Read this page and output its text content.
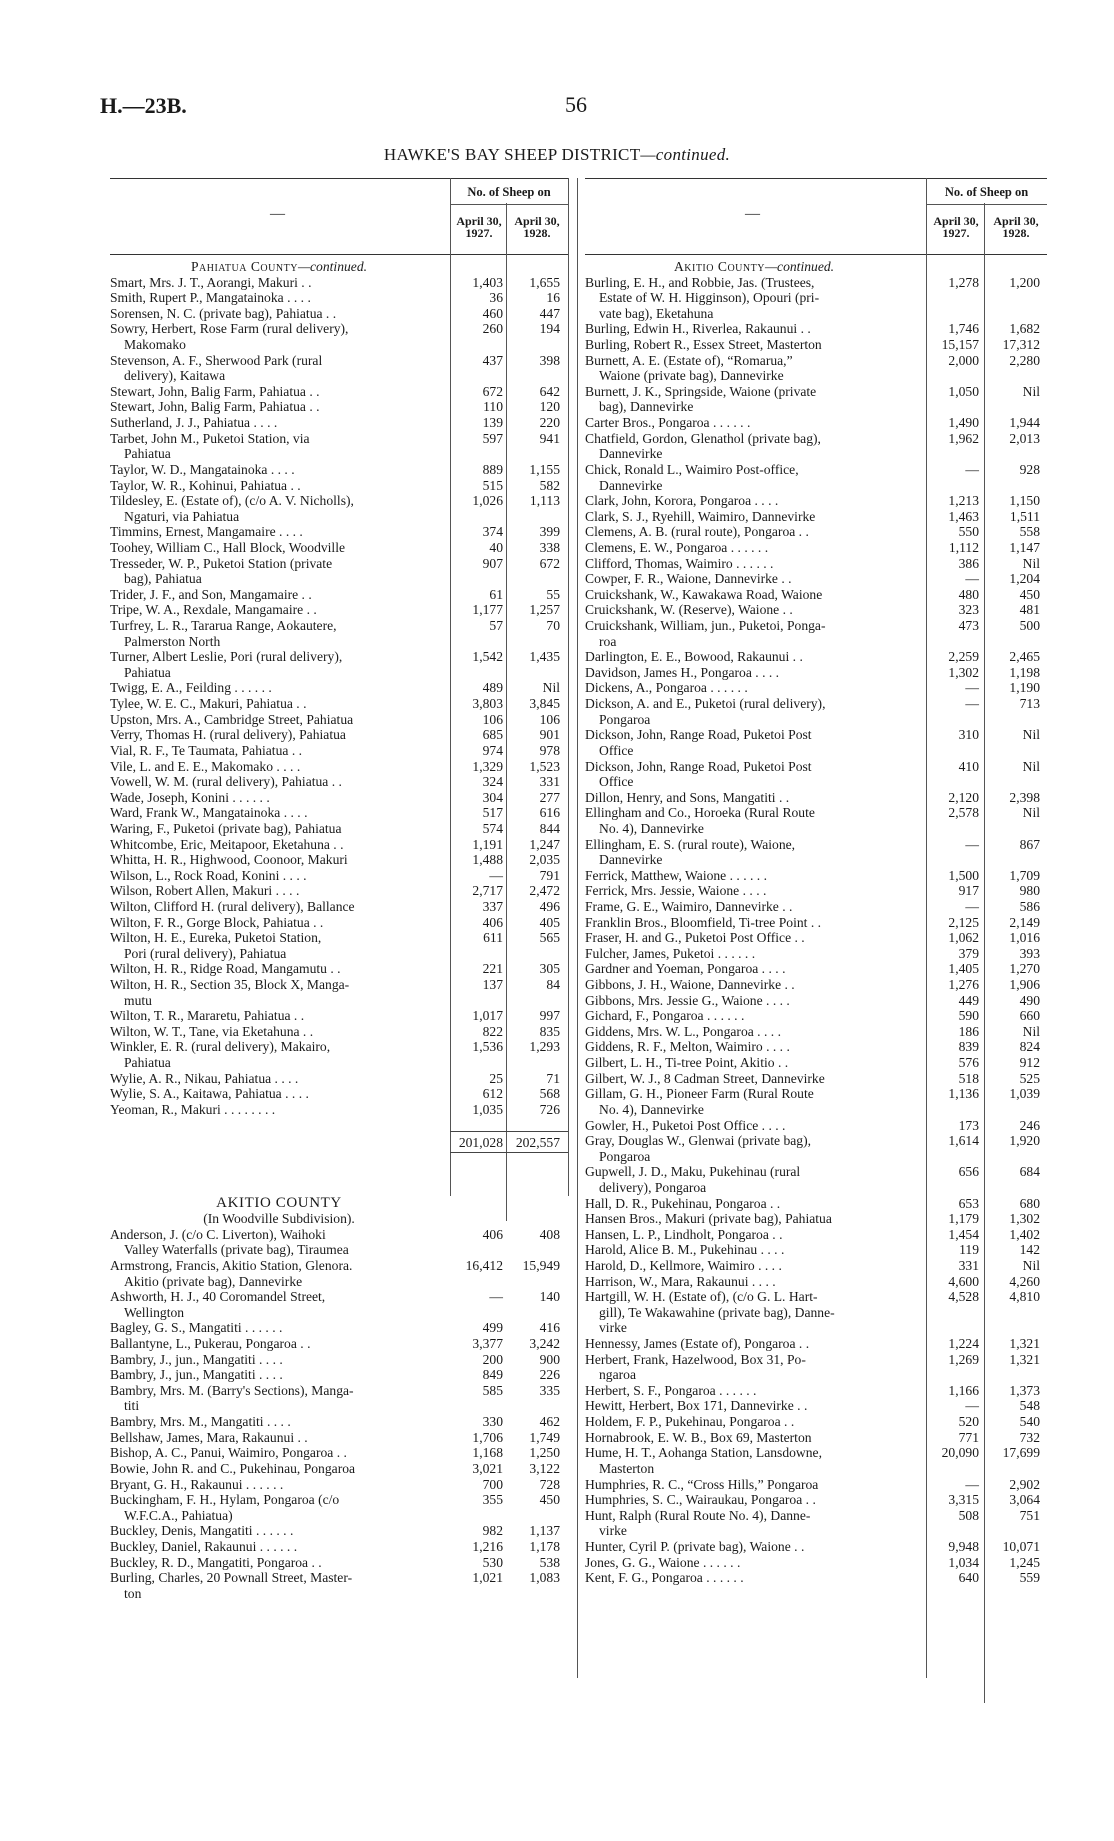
H.—23B.	56
HAWKE'S BAY SHEEP DISTRICT—continued.
—
No. of Sheep on
April 30, 1927.
April 30, 1928.
Pahiatua County—continued.
Smart, Mrs. J. T., Aorangi, Makuri . .	1,403	1,655
Smith, Rupert P., Mangatainoka . . . .	36	16
Sorensen, N. C. (private bag), Pahiatua . .	460	447
Sowry, Herbert, Rose Farm (rural delivery),	260	194
Makomako
Stevenson, A. F., Sherwood Park (rural	437	398
delivery), Kaitawa
Stewart, John, Balig Farm, Pahiatua . .	672	642
Stewart, John, Balig Farm, Pahiatua . .	110	120
Sutherland, J. J., Pahiatua . . . .	139	220
Tarbet, John M., Puketoi Station, via	597	941
Pahiatua
Taylor, W. D., Mangatainoka . . . .	889	1,155
Taylor, W. R., Kohinui, Pahiatua . .	515	582
Tildesley, E. (Estate of), (c/o A. V. Nicholls),	1,026	1,113
Ngaturi, via Pahiatua
Timmins, Ernest, Mangamaire . . . .	374	399
Toohey, William C., Hall Block, Woodville	40	338
Tresseder, W. P., Puketoi Station (private	907	672
bag), Pahiatua
Trider, J. F., and Son, Mangamaire . .	61	55
Tripe, W. A., Rexdale, Mangamaire . .	1,177	1,257
Turfrey, L. R., Tararua Range, Aokautere,	57	70
Palmerston North
Turner, Albert Leslie, Pori (rural delivery),	1,542	1,435
Pahiatua
Twigg, E. A., Feilding . . . . . .	489	Nil
Tylee, W. E. C., Makuri, Pahiatua . .	3,803	3,845
Upston, Mrs. A., Cambridge Street, Pahiatua	106	106
Verry, Thomas H. (rural delivery), Pahiatua	685	901
Vial, R. F., Te Taumata, Pahiatua . .	974	978
Vile, L. and E. E., Makomako . . . .	1,329	1,523
Vowell, W. M. (rural delivery), Pahiatua . .	324	331
Wade, Joseph, Konini . . . . . .	304	277
Ward, Frank W., Mangatainoka . . . .	517	616
Waring, F., Puketoi (private bag), Pahiatua	574	844
Whitcombe, Eric, Meitapoor, Eketahuna . .	1,191	1,247
Whitta, H. R., Highwood, Coonoor, Makuri	1,488	2,035
Wilson, L., Rock Road, Konini . . . .	—	791
Wilson, Robert Allen, Makuri . . . .	2,717	2,472
Wilton, Clifford H. (rural delivery), Ballance	337	496
Wilton, F. R., Gorge Block, Pahiatua . .	406	405
Wilton, H. E., Eureka, Puketoi Station,	611	565
Pori (rural delivery), Pahiatua
Wilton, H. R., Ridge Road, Mangamutu . .	221	305
Wilton, H. R., Section 35, Block X, Manga-	137	84
mutu
Wilton, T. R., Mararetu, Pahiatua . .	1,017	997
Wilton, W. T., Tane, via Eketahuna . .	822	835
Winkler, E. R. (rural delivery), Makairo,	1,536	1,293
Pahiatua
Wylie, A. R., Nikau, Pahiatua . . . .	25	71
Wylie, S. A., Kaitawa, Pahiatua . . . .	612	568
Yeoman, R., Makuri . . . . . . . .	1,035	726
201,028 202,557
AKITIO COUNTY
(In Woodville Subdivision).
Anderson, J. (c/o C. Liverton), Waihoki	406	408
Valley Waterfalls (private bag), Tiraumea
Armstrong, Francis, Akitio Station, Glenora.	16,412	15,949
Akitio (private bag), Dannevirke
Ashworth, H. J., 40 Coromandel Street,	—	140
Wellington
Bagley, G. S., Mangatiti . . . . . .	499	416
Ballantyne, L., Pukerau, Pongaroa . .	3,377	3,242
Bambry, J., jun., Mangatiti . . . .	200	900
Bambry, J., jun., Mangatiti . . . .	849	226
Bambry, Mrs. M. (Barry's Sections), Manga-	585	335
titi
Bambry, Mrs. M., Mangatiti . . . .	330	462
Bellshaw, James, Mara, Rakaunui . .	1,706	1,749
Bishop, A. C., Panui, Waimiro, Pongaroa . .	1,168	1,250
Bowie, John R. and C., Pukehinau, Pongaroa	3,021	3,122
Bryant, G. H., Rakaunui . . . . . .	700	728
Buckingham, F. H., Hylam, Pongaroa (c/o	355	450
W.F.C.A., Pahiatua)
Buckley, Denis, Mangatiti . . . . . .	982	1,137
Buckley, Daniel, Rakaunui . . . . . .	1,216	1,178
Buckley, R. D., Mangatiti, Pongaroa . .	530	538
Burling, Charles, 20 Pownall Street, Master-	1,021	1,083
ton
—
No. of Sheep on
April 30, 1927.
April 30, 1928.
Akitio County—continued.
Burling, E. H., and Robbie, Jas. (Trustees,	1,278	1,200
Estate of W. H. Higginson), Opouri (pri-
vate bag), Eketahuna
Burling, Edwin H., Riverlea, Rakaunui . .	1,746	1,682
Burling, Robert R., Essex Street, Masterton	15,157	17,312
Burnett, A. E. (Estate of), “Romarua,”	2,000	2,280
Waione (private bag), Dannevirke
Burnett, J. K., Springside, Waione (private	1,050	Nil
bag), Dannevirke
Carter Bros., Pongaroa . . . . . .	1,490	1,944
Chatfield, Gordon, Glenathol (private bag),	1,962	2,013
Dannevirke
Chick, Ronald L., Waimiro Post-office,	—	928
Dannevirke
Clark, John, Korora, Pongaroa . . . .	1,213	1,150
Clark, S. J., Ryehill, Waimiro, Dannevirke	1,463	1,511
Clemens, A. B. (rural route), Pongaroa . .	550	558
Clemens, E. W., Pongaroa . . . . . .	1,112	1,147
Clifford, Thomas, Waimiro . . . . . .	386	Nil
Cowper, F. R., Waione, Dannevirke . .	—	1,204
Cruickshank, W., Kawakawa Road, Waione	480	450
Cruickshank, W. (Reserve), Waione . .	323	481
Cruickshank, William, jun., Puketoi, Ponga-	473	500
roa
Darlington, E. E., Bowood, Rakaunui . .	2,259	2,465
Davidson, James H., Pongaroa . . . .	1,302	1,198
Dickens, A., Pongaroa . . . . . .	—	1,190
Dickson, A. and E., Puketoi (rural delivery),	—	713
Pongaroa
Dickson, John, Range Road, Puketoi Post	310	Nil
Office
Dickson, John, Range Road, Puketoi Post	410	Nil
Office
Dillon, Henry, and Sons, Mangatiti . .	2,120	2,398
Ellingham and Co., Horoeka (Rural Route	2,578	Nil
No. 4), Dannevirke
Ellingham, E. S. (rural route), Waione,	—	867
Dannevirke
Ferrick, Matthew, Waione . . . . . .	1,500	1,709
Ferrick, Mrs. Jessie, Waione . . . .	917	980
Frame, G. E., Waimiro, Dannevirke . .	—	586
Franklin Bros., Bloomfield, Ti-tree Point . .	2,125	2,149
Fraser, H. and G., Puketoi Post Office . .	1,062	1,016
Fulcher, James, Puketoi . . . . . .	379	393
Gardner and Yoeman, Pongaroa . . . .	1,405	1,270
Gibbons, J. H., Waione, Dannevirke . .	1,276	1,906
Gibbons, Mrs. Jessie G., Waione . . . .	449	490
Gichard, F., Pongaroa . . . . . .	590	660
Giddens, Mrs. W. L., Pongaroa . . . .	186	Nil
Giddens, R. F., Melton, Waimiro . . . .	839	824
Gilbert, L. H., Ti-tree Point, Akitio . .	576	912
Gilbert, W. J., 8 Cadman Street, Dannevirke	518	525
Gillam, G. H., Pioneer Farm (Rural Route	1,136	1,039
No. 4), Dannevirke
Gowler, H., Puketoi Post Office . . . .	173	246
Gray, Douglas W., Glenwai (private bag),	1,614	1,920
Pongaroa
Gupwell, J. D., Maku, Pukehinau (rural	656	684
delivery), Pongaroa
Hall, D. R., Pukehinau, Pongaroa . .	653	680
Hansen Bros., Makuri (private bag), Pahiatua	1,179	1,302
Hansen, L. P., Lindholt, Pongaroa . .	1,454	1,402
Harold, Alice B. M., Pukehinau . . . .	119	142
Harold, D., Kellmore, Waimiro . . . .	331	Nil
Harrison, W., Mara, Rakaunui . . . .	4,600	4,260
Hartgill, W. H. (Estate of), (c/o G. L. Hart-	4,528	4,810
gill), Te Wakawahine (private bag), Danne-
virke
Hennessy, James (Estate of), Pongaroa . .	1,224	1,321
Herbert, Frank, Hazelwood, Box 31, Po-	1,269	1,321
ngaroa
Herbert, S. F., Pongaroa . . . . . .	1,166	1,373
Hewitt, Herbert, Box 171, Dannevirke . .	—	548
Holdem, F. P., Pukehinau, Pongaroa . .	520	540
Hornabrook, E. W. B., Box 69, Masterton	771	732
Hume, H. T., Aohanga Station, Lansdowne,	20,090	17,699
Masterton
Humphries, R. C., “Cross Hills,” Pongaroa	—	2,902
Humphries, S. C., Wairaukau, Pongaroa . .	3,315	3,064
Hunt, Ralph (Rural Route No. 4), Danne-	508	751
virke
Hunter, Cyril P. (private bag), Waione . .	9,948	10,071
Jones, G. G., Waione . . . . . .	1,034	1,245
Kent, F. G., Pongaroa . . . . . .	640	559
